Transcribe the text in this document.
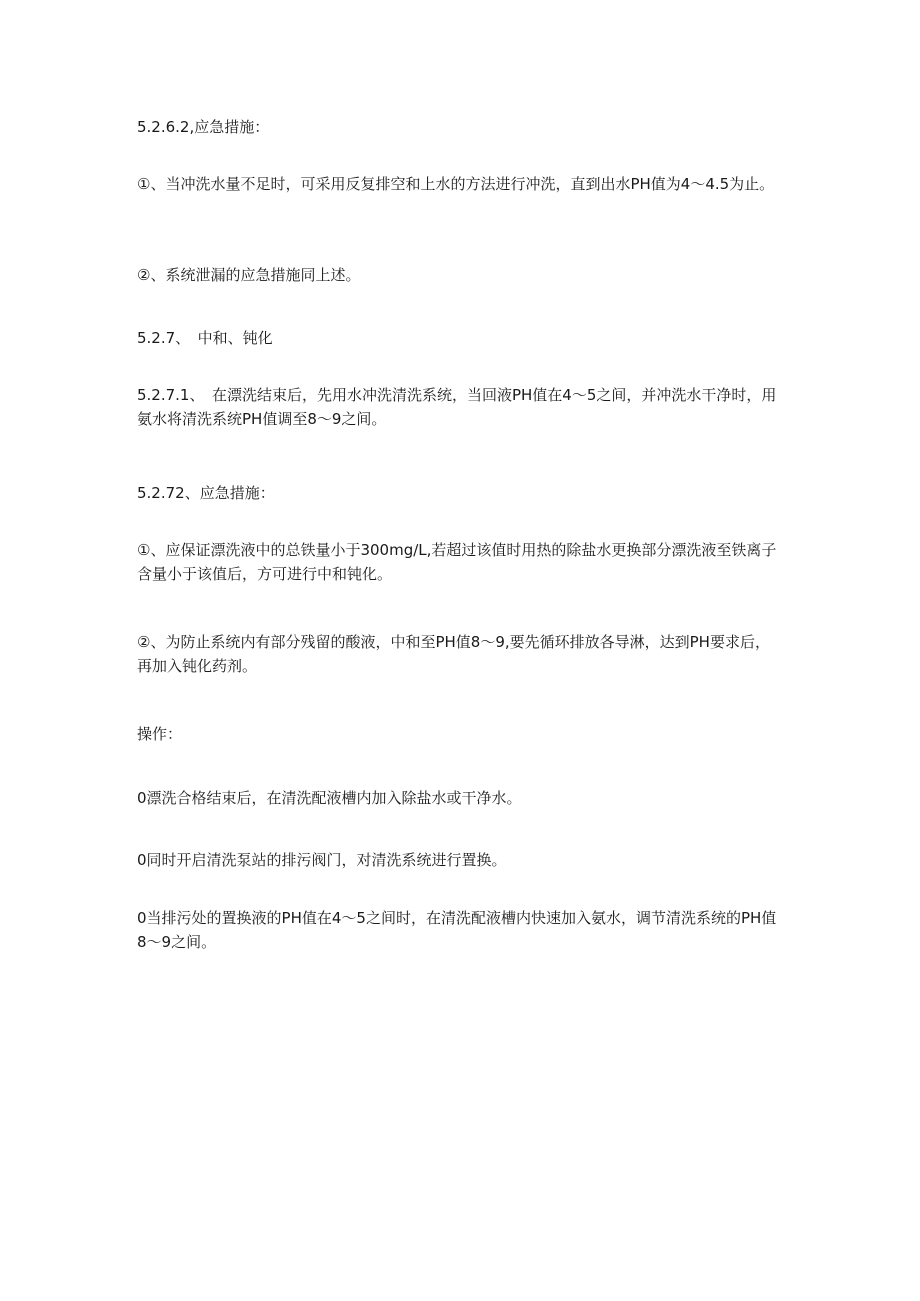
5.2.6.2,应急措施：

①、当冲洗水量不足时，可采用反复排空和上水的方法进行冲洗，直到出水PH值为4～4.5为止。

②、系统泄漏的应急措施同上述。

5.2.7、　中和、钝化

5.2.7.1、　在漂洗结束后，先用水冲洗清洗系统，当回液PH值在4～5之间，并冲洗水干净时，用氨水将清洗系统PH值调至8～9之间。

5.2.72、应急措施：

①、应保证漂洗液中的总铁量小于300mg∕L,若超过该值时用热的除盐水更换部分漂洗液至铁离子含量小于该值后，方可进行中和钝化。

②、为防止系统内有部分残留的酸液，中和至PH值8～9,要先循环排放各导淋，达到PH要求后，再加入钝化药剂。

操作：

0漂洗合格结束后，在清洗配液槽内加入除盐水或干净水。

0同时开启清洗泵站的排污阀门，对清洗系统进行置换。

0当排污处的置换液的PH值在4～5之间时，在清洗配液槽内快速加入氨水，调节清洗系统的PH值8～9之间。
